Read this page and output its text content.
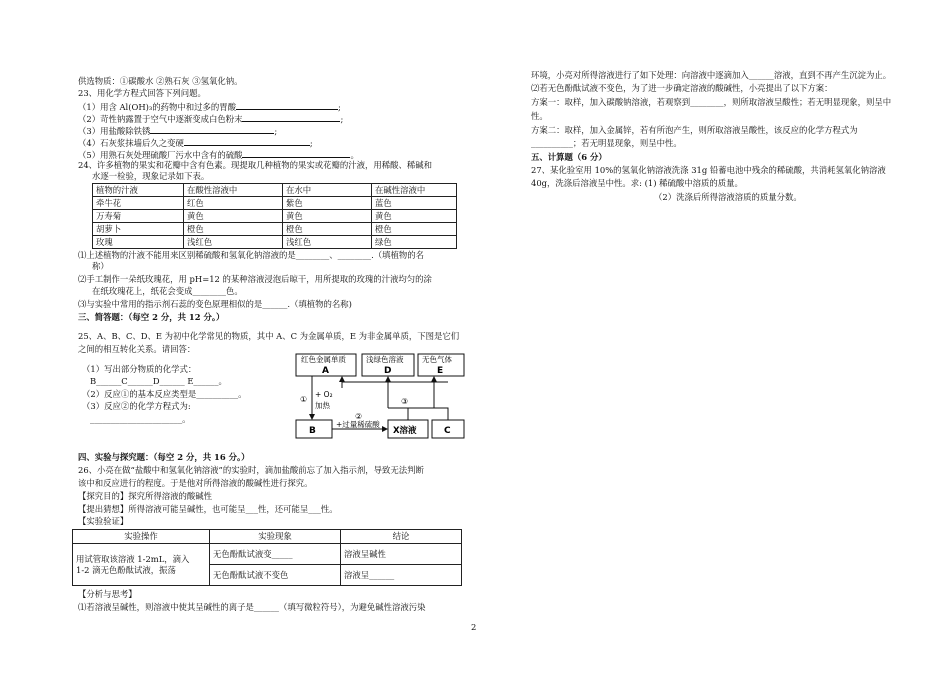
供选物质：①碳酸水 ②熟石灰 ③氢氧化钠。
23、用化学方程式回答下列问题。
（1）用含 Al(OH)₃的药物中和过多的胃酸	;
（2）苛性钠露置于空气中逐渐变成白色粉末	;
（3）用盐酸除铁锈	;
（4）石灰浆抹墙后久之变硬	;
（5）用熟石灰处理硫酸厂污水中含有的硫酸	。
24、许多植物的果实和花瓣中含有色素。现提取几种植物的果实或花瓣的汁液，用稀酸、稀碱和
水逐一检验，现象记录如下表。
植物的汁液	在酸性溶液中	在水中	在碱性溶液中
牵牛花	红色	紫色	蓝色
万寿菊	黄色	黄色	黄色
胡萝卜	橙色	橙色	橙色
玫瑰	浅红色	浅红色	绿色
⑴上述植物的汁液不能用来区别稀硫酸和氢氧化钠溶液的是________、________.（填植物的名
称）
⑵手工制作一朵纸玫瑰花，用 pH=12 的某种溶液浸泡后晾干，用所提取的玫瑰的汁液均匀的涂
在纸玫瑰花上，纸花会变成________色。
⑶与实验中常用的指示剂石蕊的变色原理相似的是______.（填植物的名称)
三、简答题：（每空 2 分，共 12 分。）
25、A、B、C、D、E 为初中化学常见的物质，其中 A、C 为金属单质，E 为非金属单质，下图是它们
之间的相互转化关系。请回答：
（1）写出部分物质的化学式：
B______C______D______ E______。
（2）反应①的基本反应类型是__________。
（3）反应②的化学方程式为:
______________________。
红色金属单质
A
浅绿色溶液
D
无色气体
E
B	X溶液	C
①
+ O₂
加热
②
+过量稀硫酸
③
四、实验与探究题：（每空 2 分，共 16 分。）
26、小亮在做“盐酸中和氢氧化钠溶液”的实验时，滴加盐酸前忘了加入指示剂，导致无法判断
该中和反应进行的程度。于是他对所得溶液的酸碱性进行探究。
【探究目的】探究所得溶液的酸碱性
【提出猜想】所得溶液可能呈碱性，也可能呈___性，还可能呈___性。
【实验验证】
实验操作	实验现象	结论

用试管取该溶液 1-2mL，滴入
1-2 滴无色酚酞试液，振荡	无色酚酞试液变_____	溶液呈碱性
	无色酚酞试液不变色	溶液呈______
【分析与思考】
⑴若溶液呈碱性，则溶液中使其呈碱性的离子是______（填写微粒符号），为避免碱性溶液污染
环境，小亮对所得溶液进行了如下处理：向溶液中逐滴加入______溶液，直到不再产生沉淀为止。
⑵若无色酚酞试液不变色，为了进一步确定溶液的酸碱性，小亮提出了以下方案：
方案一：取样，加入碳酸钠溶液，若观察到________，则所取溶液呈酸性；若无明显现象，则呈中
性。
方案二：取样，加入金属锌，若有所泡产生，则所取溶液呈酸性，该反应的化学方程式为
__________；若无明显现象，则呈中性。
五、计算题（6 分）
27、某化验室用 10%的氢氧化钠溶液洗涤 31g 铅蓄电池中残余的稀硫酸，共消耗氢氧化钠溶液
40g，洗涤后溶液呈中性。求: (1) 稀硫酸中溶质的质量。
（2）洗涤后所得溶液溶质的质量分数。
2
